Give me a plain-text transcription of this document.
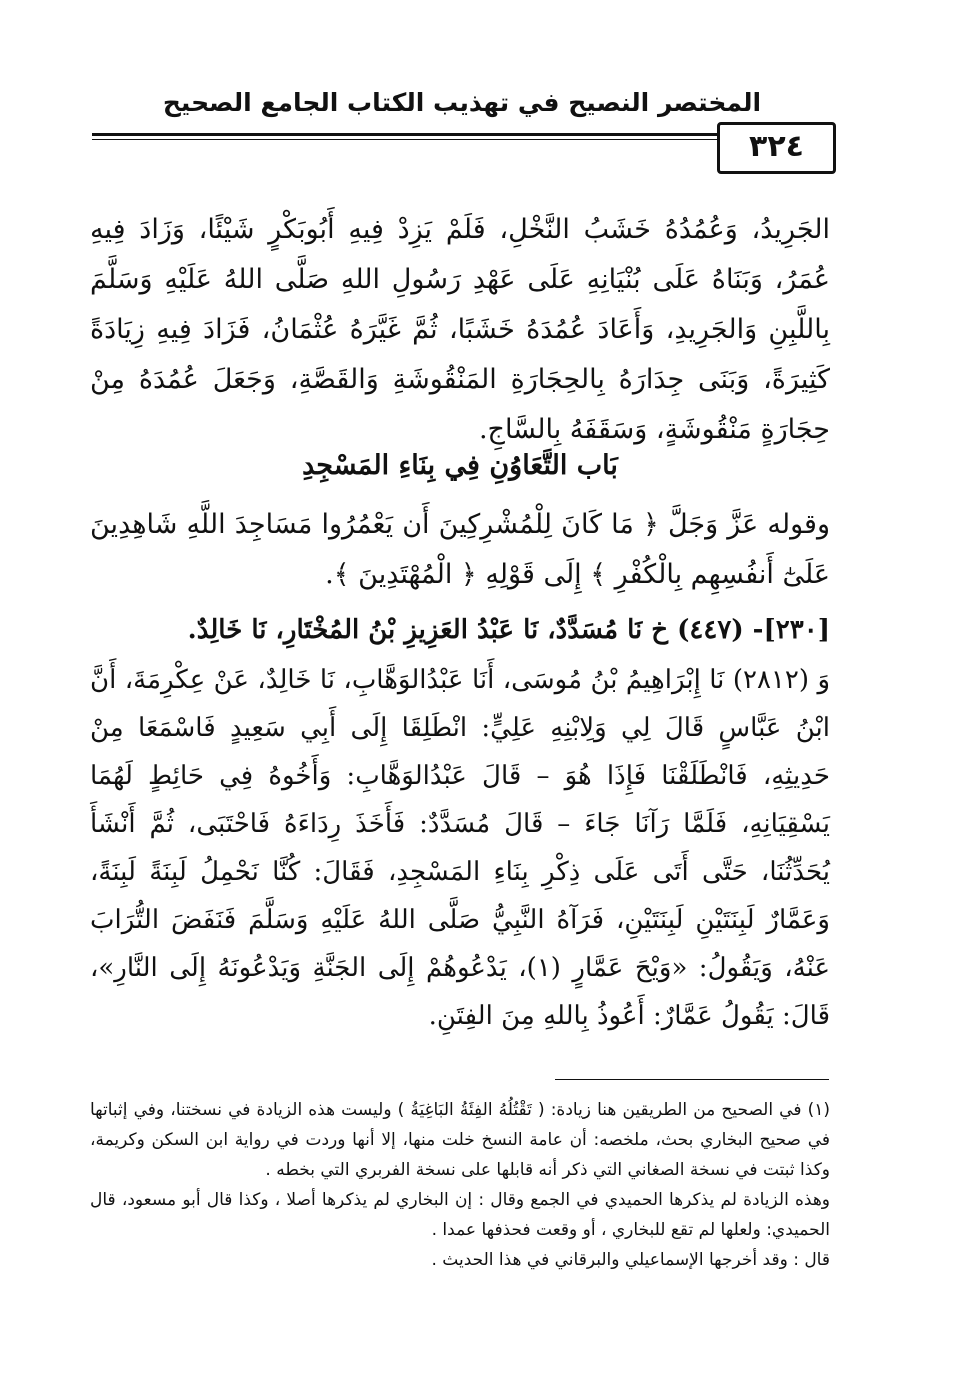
المختصر النصيح في تهذيب الكتاب الجامع الصحيح
٣٢٤

الجَرِيدُ، وَعُمُدُهُ خَشَبُ النَّخْلِ، فَلَمْ يَزِدْ فِيهِ أَبُوبَكْرٍ شَيْئًا، وَزَادَ فِيهِ عُمَرُ، وَبَنَاهُ عَلَى بُنْيَانِهِ عَلَى عَهْدِ رَسُولِ اللهِ صَلَّى اللهُ عَلَيْهِ وَسَلَّمَ بِاللَّبِنِ وَالجَرِيدِ، وَأَعَادَ عُمُدَهُ خَشَبًا، ثُمَّ غَيَّرَهُ عُثْمَانُ، فَزَادَ فِيهِ زِيَادَةً كَثِيرَةً، وَبَنَى جِدَارَهُ بِالحِجَارَةِ المَنْقُوشَةِ وَالقَصَّةِ، وَجَعَلَ عُمُدَهُ مِنْ حِجَارَةٍ مَنْقُوشَةٍ، وَسَقَفَهُ بِالسَّاجِ.

بَاب التَّعَاوُنِ فِي بِنَاءِ المَسْجِدِ

وقوله عَزَّ وَجَلَّ ﴿ مَا كَانَ لِلْمُشْرِكِينَ أَن يَعْمُرُوا مَسَاجِدَ اللَّهِ شَاهِدِينَ عَلَىٰٓ أَنفُسِهِم بِالْكُفْرِ ﴾ إِلَى قَوْلِهِ ﴿ الْمُهْتَدِينَ ﴾.

[٢٣٠]- (٤٤٧) خ نَا مُسَدَّدٌ، نَا عَبْدُ العَزِيزِ بْنُ المُخْتَارِ، نَا خَالِدٌ.

وَ (٢٨١٢) نَا إِبْرَاهِيمُ بْنُ مُوسَى، أَنَا عَبْدُالوَهَّابِ، نَا خَالِدٌ، عَنْ عِكْرِمَةَ، أَنَّ ابْنُ عَبَّاسٍ قَالَ لِي وَلِابْنِهِ عَلِيٍّ: انْطَلِقَا إِلَى أَبِي سَعِيدٍ فَاسْمَعَا مِنْ حَدِيثِهِ، فَانْطَلَقْنَا فَإِذَا هُوَ – قَالَ عَبْدُالوَهَّابِ: وَأَخُوهُ فِي حَائِطٍ لَهُمَا يَسْقِيَانِهِ، فَلَمَّا رَآنَا جَاءَ – قَالَ مُسَدَّدٌ: فَأَخَذَ رِدَاءَهُ فَاحْتَبَى، ثُمَّ أَنْشَأَ يُحَدِّثُنَا، حَتَّى أَتَى عَلَى ذِكْرِ بِنَاءِ المَسْجِدِ، فَقَالَ: كُنَّا نَحْمِلُ لَبِنَةً لَبِنَةً، وَعَمَّارٌ لَبِنَتَيْنِ لَبِنَتَيْنِ، فَرَآهُ النَّبِيُّ صَلَّى اللهُ عَلَيْهِ وَسَلَّمَ فَنَفَضَ التُّرَابَ عَنْهُ، وَيَقُولُ: «وَيْحَ عَمَّارٍ (١)، يَدْعُوهُمْ إِلَى الجَنَّةِ وَيَدْعُونَهُ إِلَى النَّارِ»، قَالَ: يَقُولُ عَمَّارٌ: أَعُوذُ بِاللهِ مِنَ الفِتَنِ.

(١) في الصحيح من الطريقين هنا زيادة: ( تَقْتُلُهُ الفِئَةُ البَاغِيَةُ ) وليست هذه الزيادة في نسختنا، وفي إثباتها في صحيح البخاري بحث، ملخصه: أن عامة النسخ خلت منها، إلا أنها وردت في رواية ابن السكن وكريمة، وكذا ثبتت في نسخة الصغاني التي ذكر أنه قابلها على نسخة الفربري التي بخطه .

وهذه الزيادة لم يذكرها الحميدي في الجمع وقال : إن البخاري لم يذكرها أصلا ، وكذا قال أبو مسعود، قال الحميدي: ولعلها لم تقع للبخاري ، أو وقعت فحذفها عمدا .

قال : وقد أخرجها الإسماعيلي والبرقاني في هذا الحديث .
